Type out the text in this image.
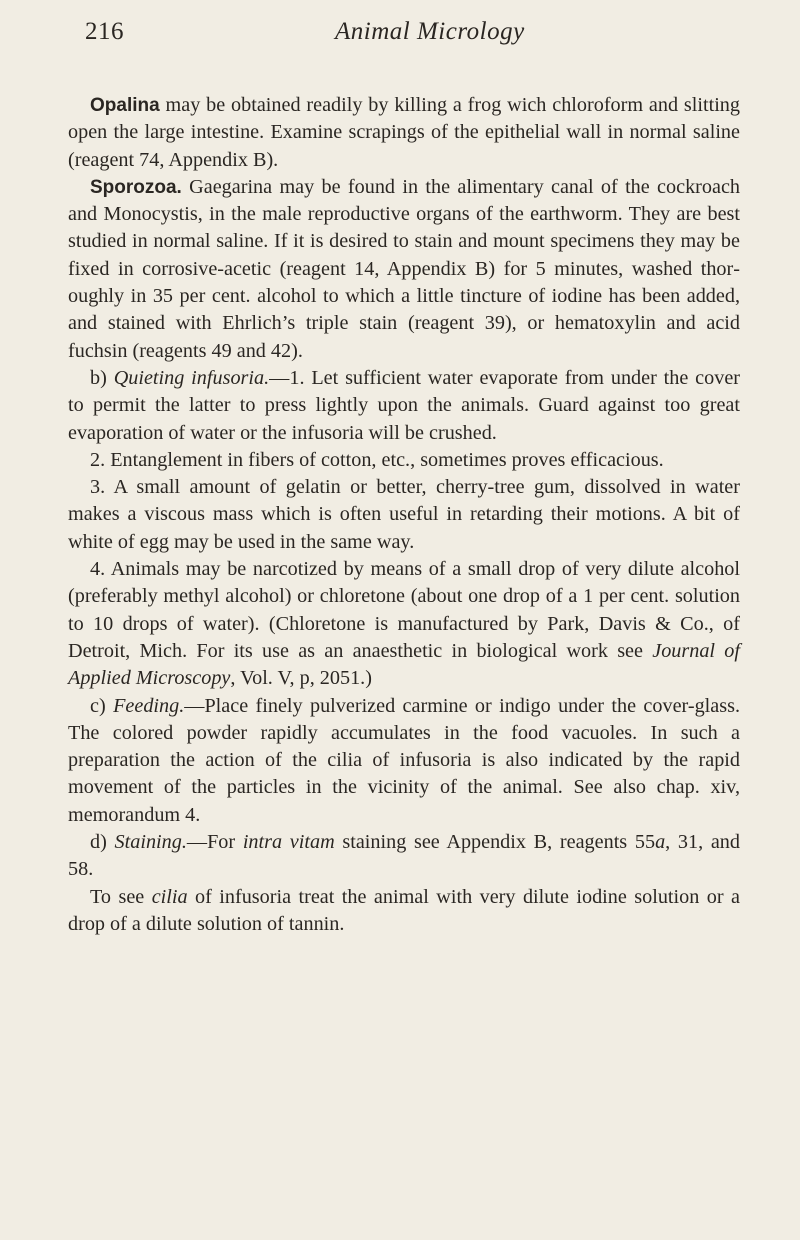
216	Animal Micrology

Opalina may be obtained readily by killing a frog wich chloroform and slitting open the large intestine. Examine scrapings of the epithelial wall in normal saline (reagent 74, Appendix B).

Sporozoa. Gaegarina may be found in the alimentary canal of the cockroach and Monocystis, in the male reproductive organs of the earthworm. They are best studied in normal saline. If it is desired to stain and mount specimens they may be fixed in corrosive-acetic (reagent 14, Appendix B) for 5 minutes, washed thoroughly in 35 per cent. alcohol to which a little tincture of iodine has been added, and stained with Ehrlich’s triple stain (reagent 39), or hematoxylin and acid fuchsin (reagents 49 and 42).

b) Quieting infusoria.—1. Let sufficient water evaporate from under the cover to permit the latter to press lightly upon the animals. Guard against too great evaporation of water or the infusoria will be crushed.

2. Entanglement in fibers of cotton, etc., sometimes proves efficacious.

3. A small amount of gelatin or better, cherry-tree gum, dissolved in water makes a viscous mass which is often useful in retarding their motions. A bit of white of egg may be used in the same way.

4. Animals may be narcotized by means of a small drop of very dilute alcohol (preferably methyl alcohol) or chloretone (about one drop of a 1 per cent. solution to 10 drops of water). (Chloretone is manufactured by Park, Davis & Co., of Detroit, Mich. For its use as an anaesthetic in biological work see Journal of Applied Microscopy, Vol. V, p, 2051.)

c) Feeding.—Place finely pulverized carmine or indigo under the cover-glass. The colored powder rapidly accumulates in the food vacuoles. In such a preparation the action of the cilia of infusoria is also indicated by the rapid movement of the particles in the vicinity of the animal. See also chap. xiv, memorandum 4.

d) Staining.—For intra vitam staining see Appendix B, reagents 55a, 31, and 58.

To see cilia of infusoria treat the animal with very dilute iodine solution or a drop of a dilute solution of tannin.
